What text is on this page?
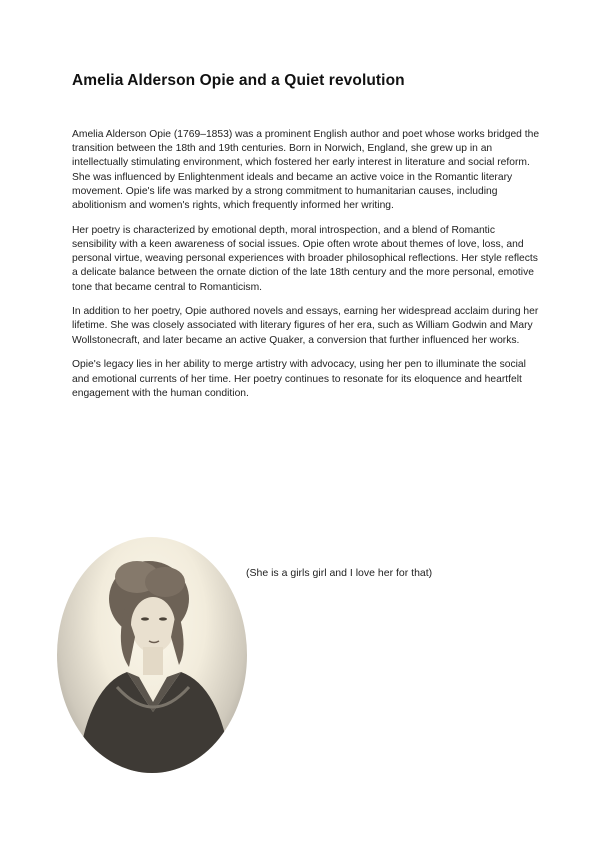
Amelia Alderson Opie and a Quiet revolution

Amelia Alderson Opie (1769–1853) was a prominent English author and poet whose works bridged the transition between the 18th and 19th centuries. Born in Norwich, England, she grew up in an intellectually stimulating environment, which fostered her early interest in literature and social reform. She was influenced by Enlightenment ideals and became an active voice in the Romantic literary movement. Opie's life was marked by a strong commitment to humanitarian causes, including abolitionism and women's rights, which frequently informed her writing.

Her poetry is characterized by emotional depth, moral introspection, and a blend of Romantic sensibility with a keen awareness of social issues. Opie often wrote about themes of love, loss, and personal virtue, weaving personal experiences with broader philosophical reflections. Her style reflects a delicate balance between the ornate diction of the late 18th century and the more personal, emotive tone that became central to Romanticism.

In addition to her poetry, Opie authored novels and essays, earning her widespread acclaim during her lifetime. She was closely associated with literary figures of her era, such as William Godwin and Mary Wollstonecraft, and later became an active Quaker, a conversion that further influenced her works.

Opie's legacy lies in her ability to merge artistry with advocacy, using her pen to illuminate the social and emotional currents of her time. Her poetry continues to resonate for its eloquence and heartfelt engagement with the human condition.

(She is a girls girl and I love her for that)
